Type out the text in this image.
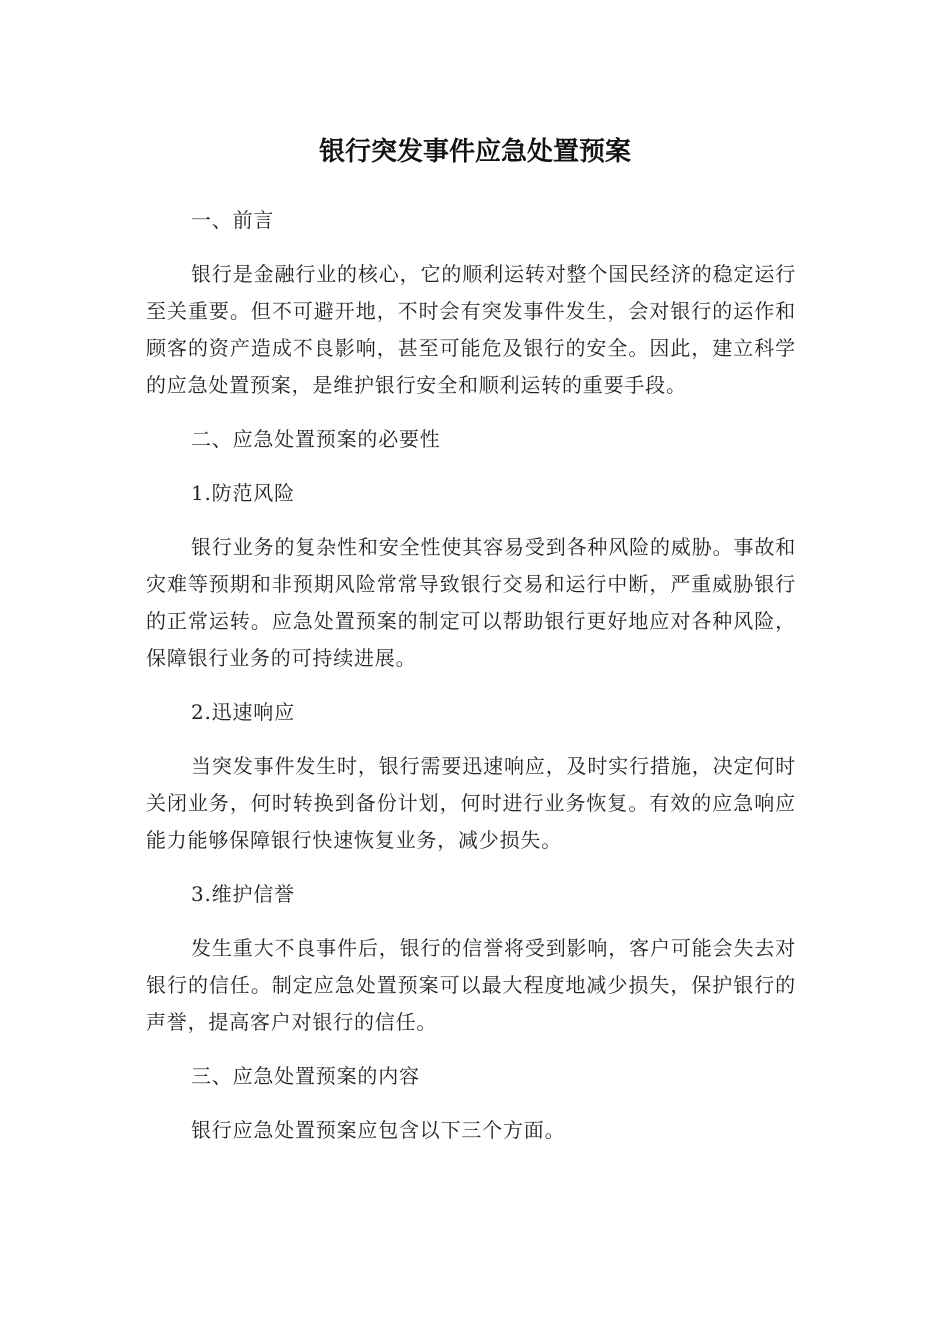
银行突发事件应急处置预案

一、前言

银行是金融行业的核心，它的顺利运转对整个国民经济的稳定运行至关重要。但不可避开地，不时会有突发事件发生，会对银行的运作和顾客的资产造成不良影响，甚至可能危及银行的安全。因此，建立科学的应急处置预案，是维护银行安全和顺利运转的重要手段。

二、应急处置预案的必要性

1.防范风险

银行业务的复杂性和安全性使其容易受到各种风险的威胁。事故和灾难等预期和非预期风险常常导致银行交易和运行中断，严重威胁银行的正常运转。应急处置预案的制定可以帮助银行更好地应对各种风险，保障银行业务的可持续进展。

2.迅速响应

当突发事件发生时，银行需要迅速响应，及时实行措施，决定何时关闭业务，何时转换到备份计划，何时进行业务恢复。有效的应急响应能力能够保障银行快速恢复业务，减少损失。

3.维护信誉

发生重大不良事件后，银行的信誉将受到影响，客户可能会失去对银行的信任。制定应急处置预案可以最大程度地减少损失，保护银行的声誉，提高客户对银行的信任。

三、应急处置预案的内容

银行应急处置预案应包含以下三个方面。
